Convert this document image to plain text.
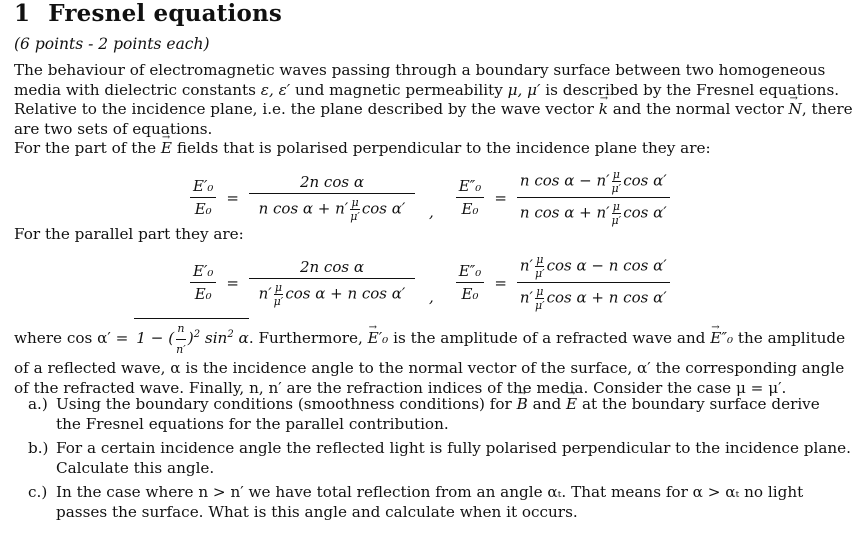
1 Fresnel equations
(6 points - 2 points each)
The behaviour of electromagnetic waves passing through a boundary surface between two homogeneous
media with dielectric constants ε, ε′ und magnetic permeability μ, μ′ is described by the Fresnel equations.
Relative to the incidence plane, i.e. the plane described by the wave vector → k and the normal vector → N, there
are two sets of equations.
For the part of the → E fields that is polarised perpendicular to the incidence plane they are:
$\frac{\text{E′₀}}{\text{E₀}} = \frac{\text{2n cos α}}{n \cos \alpha + n' \frac{\mu}{\mu'} \cos \alpha'}$ , $\frac{\text{E″₀}}{\text{E₀}} = \frac{n \cos \alpha - n' \frac{\mu}{\mu'} \cos \alpha'}{n \cos \alpha + n' \frac{\mu}{\mu'} \cos \alpha'}$
For the parallel part they are:
$\frac{\text{E′₀}}{\text{E₀}} = \frac{\text{2n cos α}}{n' \frac{\mu}{\mu'} \cos \alpha + n \cos \alpha'}$ , $\frac{\text{E″₀}}{\text{E₀}} = \frac{n' \frac{\mu}{\mu'} \cos \alpha - n \cos \alpha'}{n' \frac{\mu}{\mu'} \cos \alpha + n \cos \alpha'}$
where cos α′ = 1 − ( $\frac{n}{n'} )^2$ $\sin^2 \alpha$. Furthermore, → E′₀ is the amplitude of a refracted wave and → E″₀ the amplitude
of a reflected wave, α is the incidence angle to the normal vector of the surface, α′ the corresponding angle
of the refracted wave. Finally, n, n′ are the refraction indices of the media. Consider the case μ = μ′.
a.) Using the boundary conditions (smoothness conditions) for → B and → E at the boundary surface derive
the Fresnel equations for the parallel contribution.
b.) For a certain incidence angle the reflected light is fully polarised perpendicular to the incidence plane.
Calculate this angle.
c.) In the case where n > n′ we have total reflection from an angle αₜ. That means for α > αₜ no light
passes the surface. What is this angle and calculate when it occurs.
